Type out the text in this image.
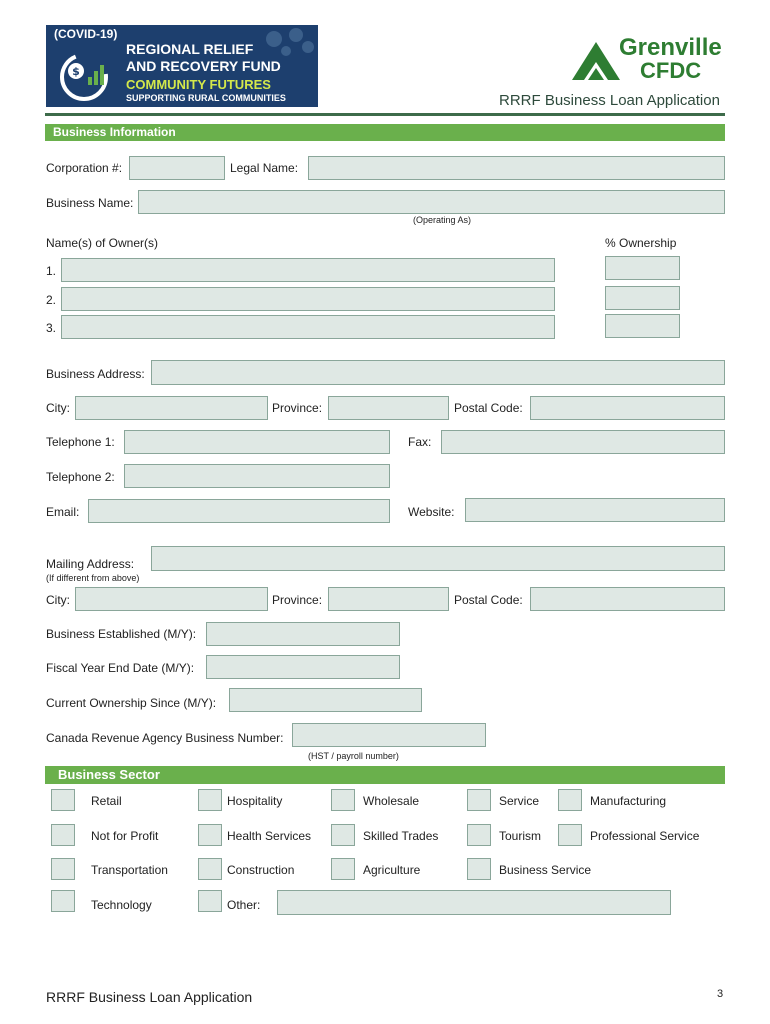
(COVID-19)
$
REGIONAL RELIEF
AND RECOVERY FUND
COMMUNITY FUTURES
SUPPORTING RURAL COMMUNITIES
Grenville
CFDC
RRRF Business Loan Application
Business Information
Corporation #:	Legal Name:
Business Name:
(Operating As)
Name(s) of Owner(s)	% Ownership
1.
2.
3.
Business Address:
City:	Province:	Postal Code:
Telephone 1:	Fax:
Telephone 2:
Email:	Website:
Mailing Address:
(If different from above)
City:	Province:	Postal Code:
Business Established (M/Y):
Fiscal Year End Date (M/Y):
Current Ownership Since (M/Y):
Canada Revenue Agency Business Number:
(HST / payroll number)
Business Sector
Retail	Hospitality	Wholesale	Service	Manufacturing
Not for Profit	Health Services	Skilled Trades	Tourism	Professional Service
Transportation	Construction	Agriculture	Business Service
Technology	Other:
RRRF Business Loan Application	3
